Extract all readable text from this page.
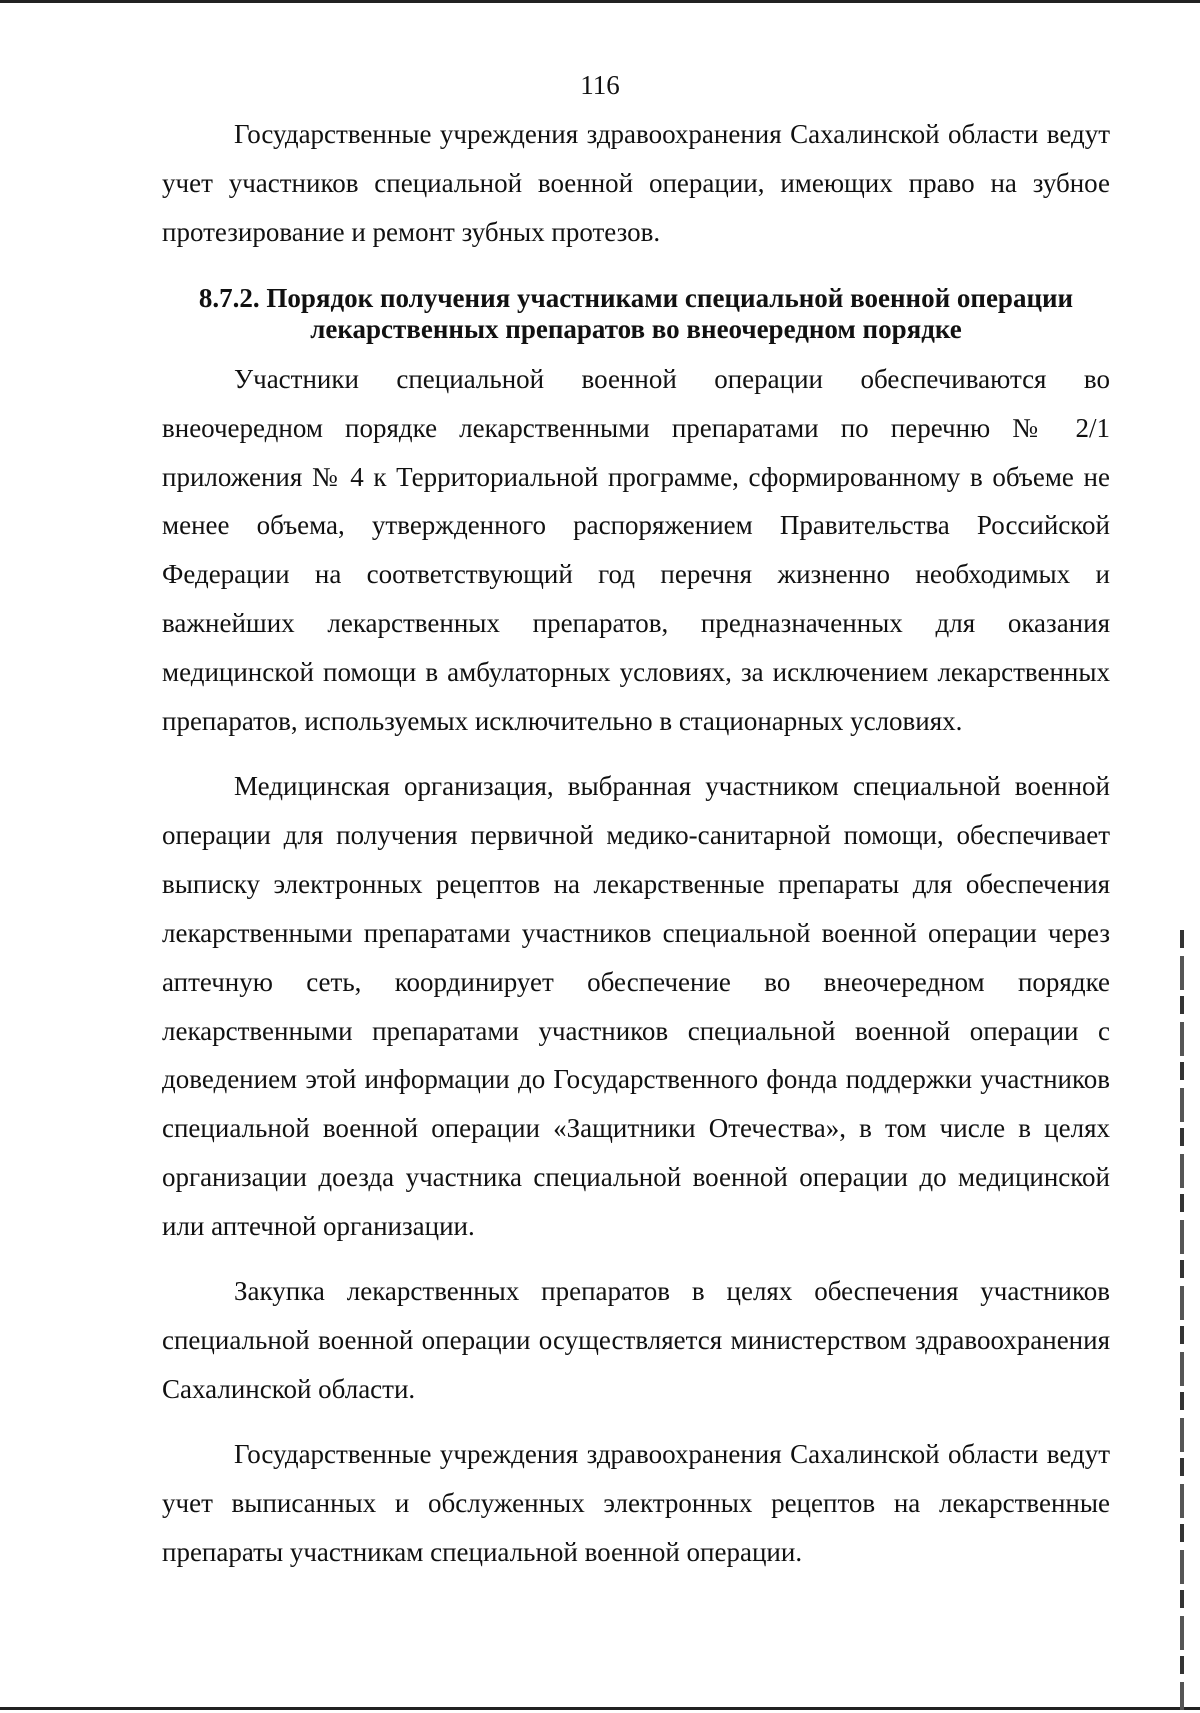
116

Государственные учреждения здравоохранения Сахалинской области ведут учет участников специальной военной операции, имеющих право на зубное протезирование и ремонт зубных протезов.

8.7.2. Порядок получения участниками специальной военной операции
лекарственных препаратов во внеочередном порядке

Участники специальной военной операции обеспечиваются во внеочередном порядке лекарственными препаратами по перечню № 2/1 приложения № 4 к Территориальной программе, сформированному в объеме не менее объема, утвержденного распоряжением Правительства Российской Федерации на соответствующий год перечня жизненно необходимых и важнейших лекарственных препаратов, предназначенных для оказания медицинской помощи в амбулаторных условиях, за исключением лекарственных препаратов, используемых исключительно в стационарных условиях.

Медицинская организация, выбранная участником специальной военной операции для получения первичной медико-санитарной помощи, обеспечивает выписку электронных рецептов на лекарственные препараты для обеспечения лекарственными препаратами участников специальной военной операции через аптечную сеть, координирует обеспечение во внеочередном порядке лекарственными препаратами участников специальной военной операции с доведением этой информации до Государственного фонда поддержки участников специальной военной операции «Защитники Отечества», в том числе в целях организации доезда участника специальной военной операции до медицинской или аптечной организации.

Закупка лекарственных препаратов в целях обеспечения участников специальной военной операции осуществляется министерством здравоохранения Сахалинской области.

Государственные учреждения здравоохранения Сахалинской области ведут учет выписанных и обслуженных электронных рецептов на лекарственные препараты участникам специальной военной операции.
